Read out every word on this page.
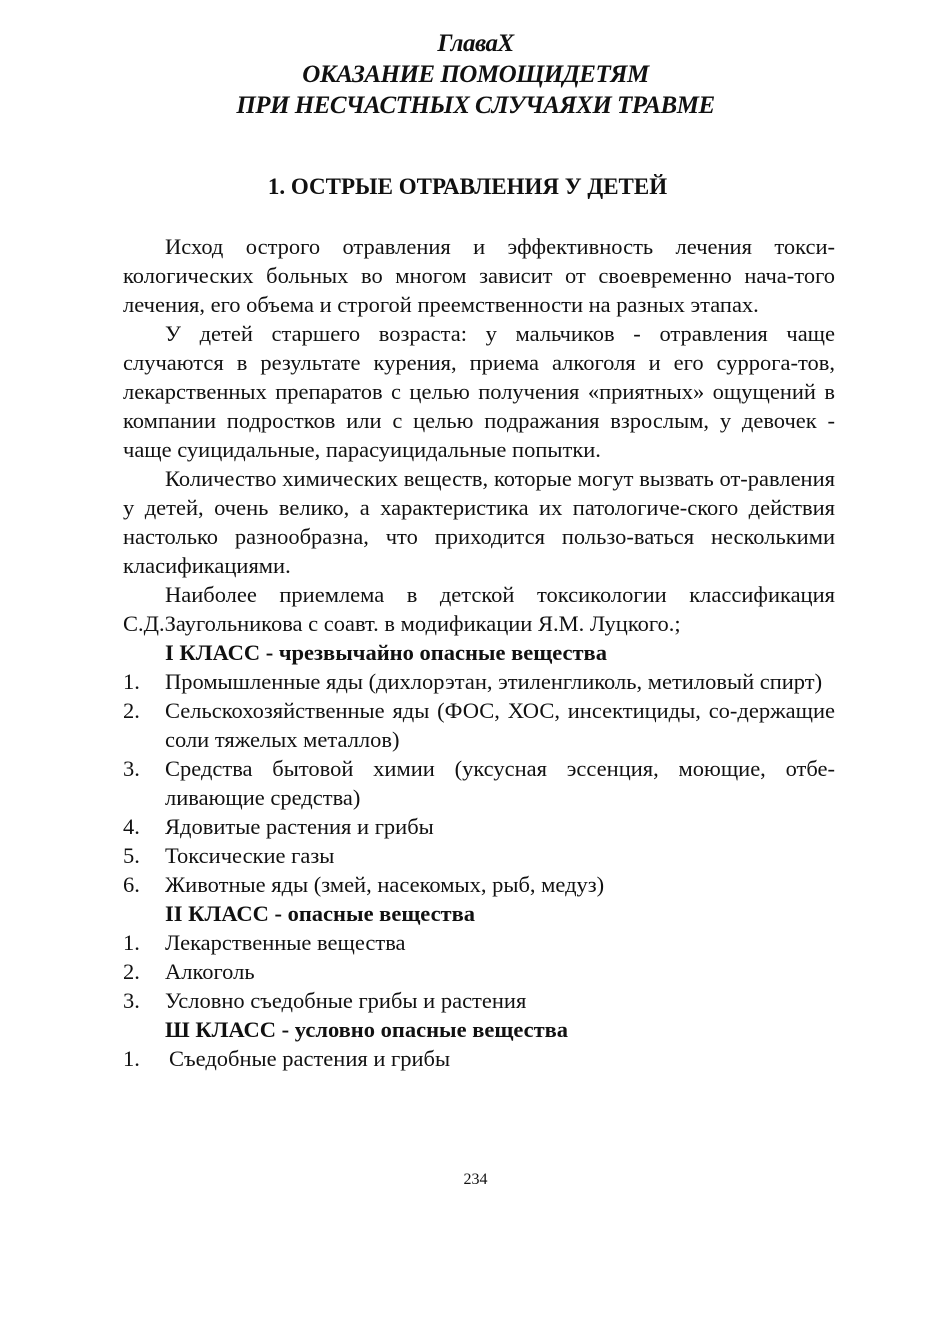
ГлаваX
ОКАЗАНИЕ ПОМОЩИДЕТЯМ
ПРИ НЕСЧАСТНЫХ СЛУЧАЯХИ ТРАВМЕ
1. ОСТРЫЕ ОТРАВЛЕНИЯ У ДЕТЕЙ

Исход острого отравления и эффективность лечения токси-кологических больных во многом зависит от своевременно нача-того лечения, его объема и строгой преемственности на разных этапах.

У детей старшего возраста: у мальчиков - отравления чаще случаются в результате курения, приема алкоголя и его суррога-тов, лекарственных препаратов с целью получения «приятных» ощущений в компании подростков или с целью подражания взрослым, у девочек - чаще суицидальные, парасуицидальные попытки.

Количество химических веществ, которые могут вызвать от-равления у детей, очень велико, а характеристика их патологиче-ского действия настолько разнообразна, что приходится пользо-ваться несколькими класификациями.

Наиболее приемлема в детской токсикологии классификация С.Д.Заугольникова с соавт. в модификации Я.М. Луцкого.;

I КЛАСС - чрезвычайно опасные вещества

1.	Промышленные яды (дихлорэтан, этиленгликоль, метиловый спирт)
2.	Сельскохозяйственные яды (ФОС, ХОС, инсектициды, со-держащие соли тяжелых металлов)
3.	Средства бытовой химии (уксусная эссенция, моющие, отбе-ливающие средства)
4.	Ядовитые растения и грибы
5.	Токсические газы
6.	Животные яды (змей, насекомых, рыб, медуз)

II КЛАСС - опасные вещества

1.	Лекарственные вещества
2.	Алкоголь
3.	Условно съедобные грибы и растения

Ш КЛАСС - условно опасные вещества

1.	Съедобные растения и грибы
234
